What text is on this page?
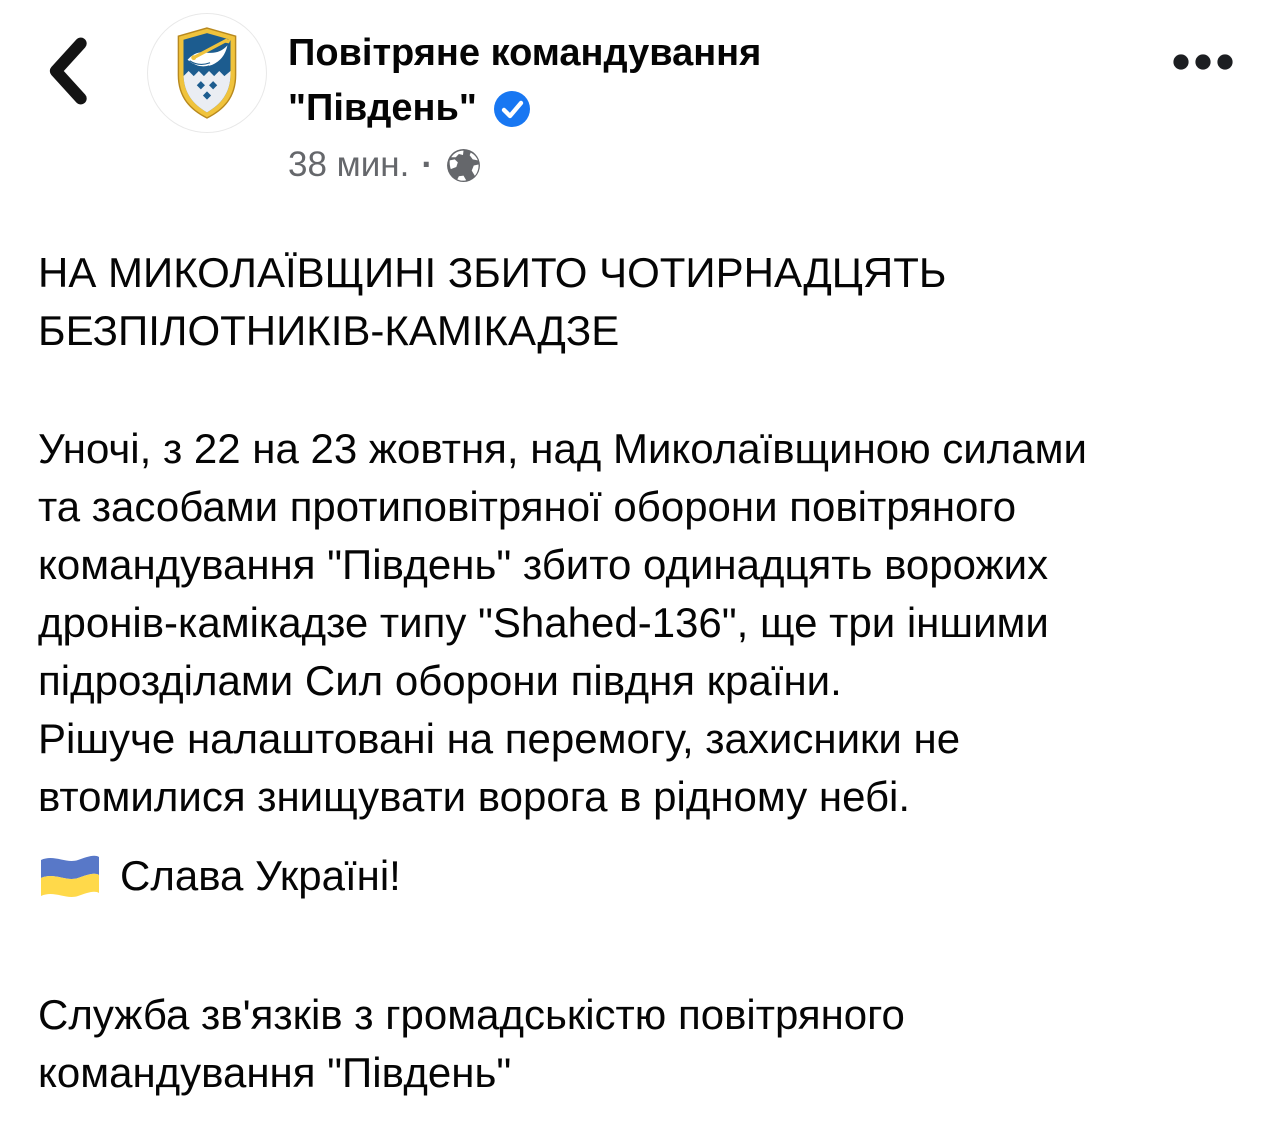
Повітряне командування
"Південь"
38 мин. ·
НА МИКОЛАЇВЩИНІ ЗБИТО ЧОТИРНАДЦЯТЬ
БЕЗПІЛОТНИКІВ-КАМІКАДЗЕ
Уночі, з 22 на 23 жовтня, над Миколаївщиною силами
та засобами протиповітряної оборони повітряного
командування "Південь" збито одинадцять ворожих
дронів-камікадзе типу "Shahed-136", ще три іншими
підрозділами Сил оборони півдня країни.
Рішуче налаштовані на перемогу, захисники не
втомилися знищувати ворога в рідному небі.
Слава Україні!
Служба зв'язків з громадськістю повітряного
командування "Південь"
